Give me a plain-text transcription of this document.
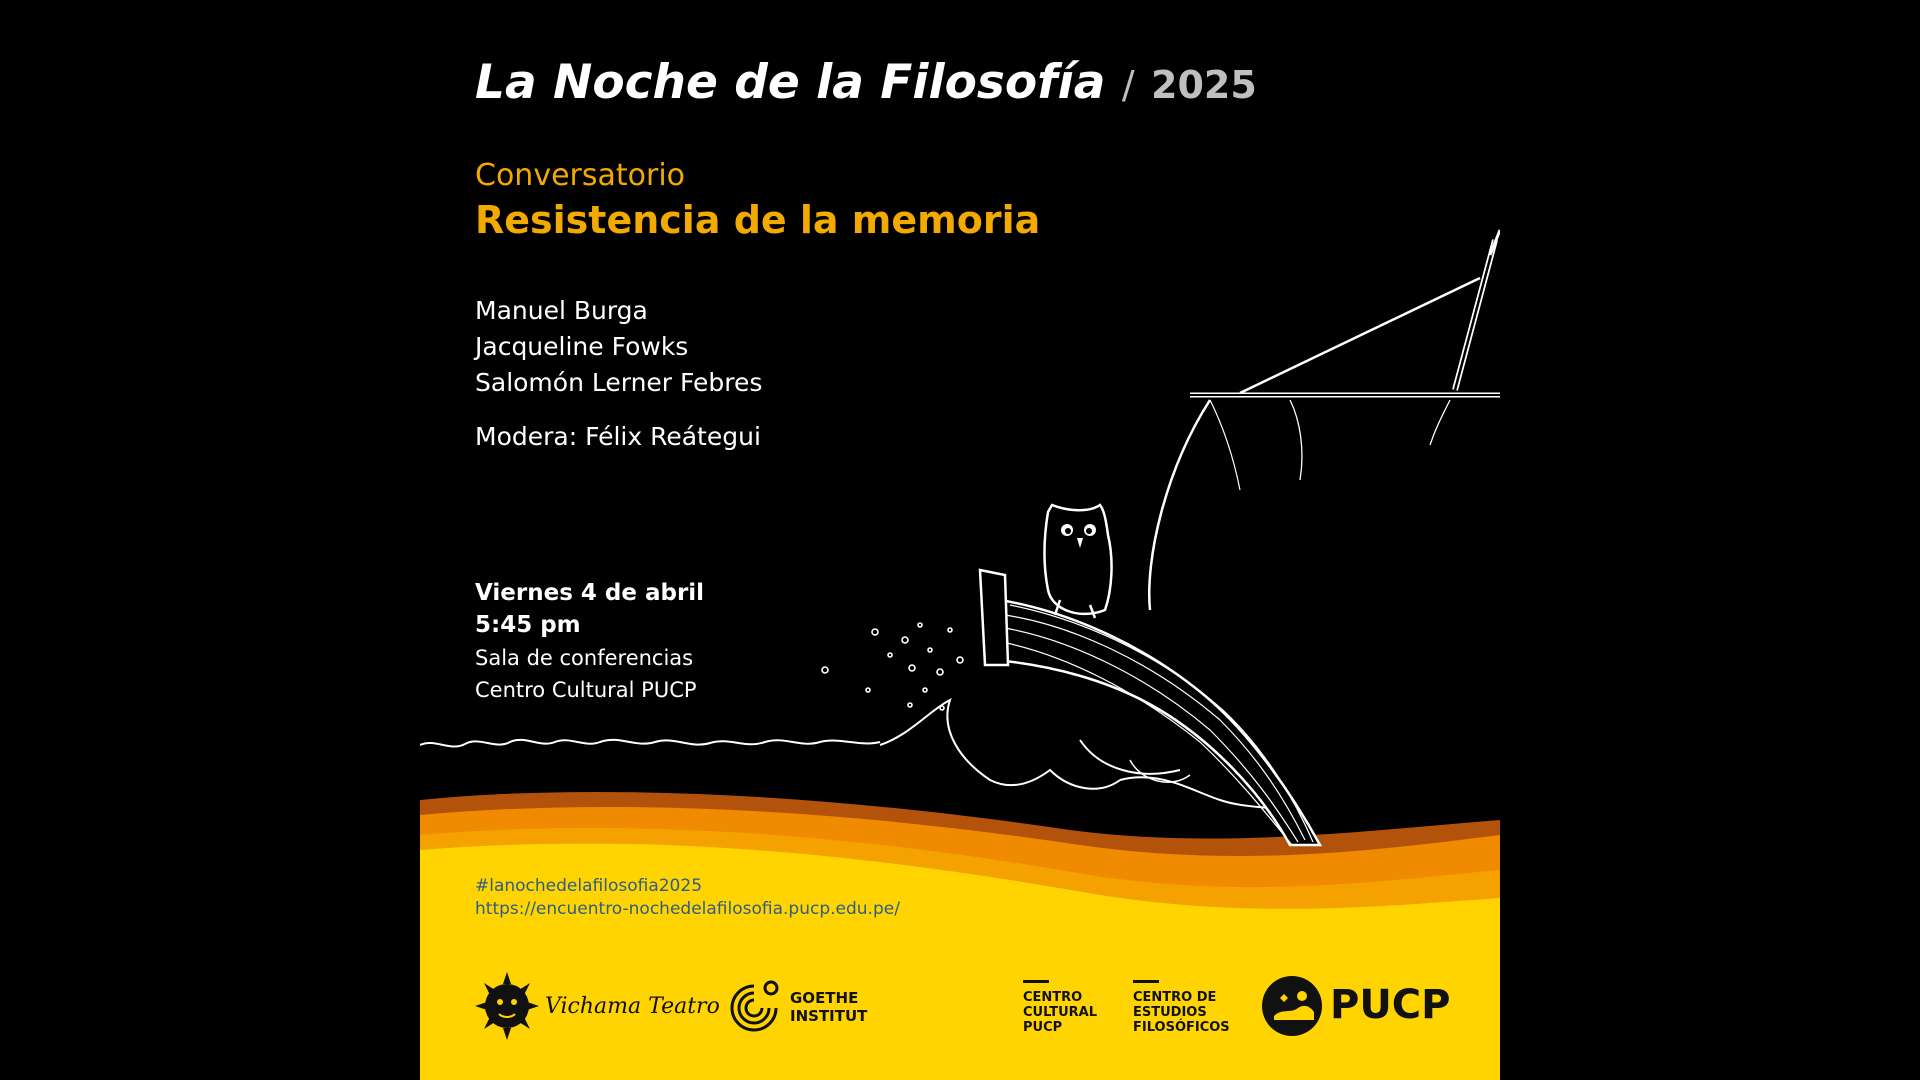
La Noche de la Filosofía / 2025

Conversatorio

Resistencia de la memoria

Manuel Burga

Jacqueline Fowks

Salomón Lerner Febres

Modera: Félix Reátegui

Viernes 4 de abril

5:45 pm

Sala de conferencias

Centro Cultural PUCP

#lanochedelafilosofia2025

https://encuentro-nochedelafilosofia.pucp.edu.pe/

Vichama Teatro	GOETHE
INSTITUT
CENTRO
CULTURAL
PUCP
CENTRO DE
ESTUDIOS
FILOSÓFICOS	PUCP
